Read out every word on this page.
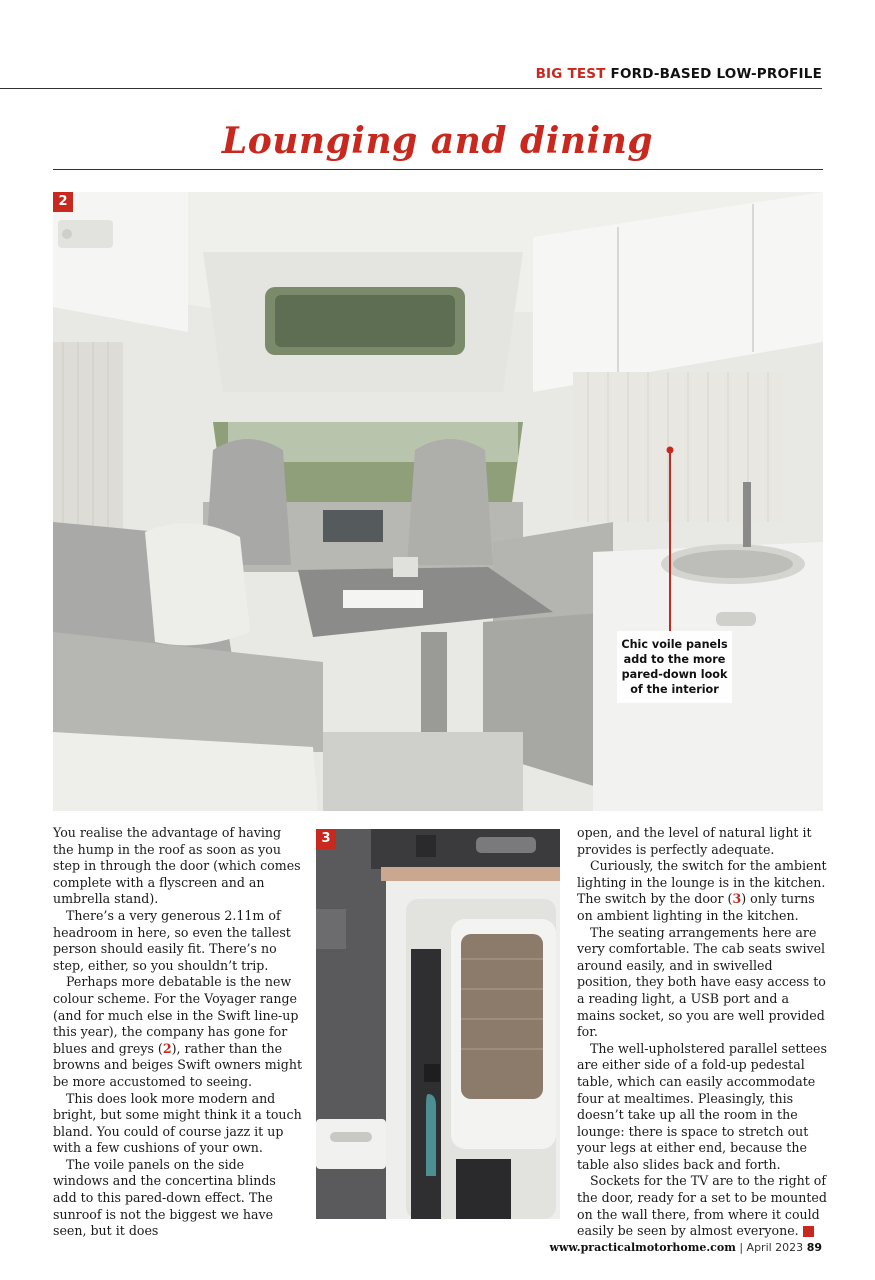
BIG TEST FORD-BASED LOW-PROFILE
Lounging and dining
2
Chic voile panels add to the more pared-down look of the interior
3

You realise the advantage of having the hump in the roof as soon as you step in through the door (which comes complete with a flyscreen and an umbrella stand).

There’s a very generous 2.11m of headroom in here, so even the tallest person should easily fit. There’s no step, either, so you shouldn’t trip.

Perhaps more debatable is the new colour scheme. For the Voyager range (and for much else in the Swift line-up this year), the company has gone for blues and greys (2), rather than the browns and beiges Swift owners might be more accustomed to seeing.

This does look more modern and bright, but some might think it a touch bland. You could of course jazz it up with a few cushions of your own.

The voile panels on the side windows and the concertina blinds add to this pared-down effect. The sunroof is not the biggest we have seen, but it does

open, and the level of natural light it provides is perfectly adequate.

Curiously, the switch for the ambient lighting in the lounge is in the kitchen. The switch by the door (3) only turns on ambient lighting in the kitchen.

The seating arrangements here are very comfortable. The cab seats swivel around easily, and in swivelled position, they both have easy access to a reading light, a USB port and a mains socket, so you are well provided for.

The well-upholstered parallel settees are either side of a fold-up pedestal table, which can easily accommodate four at mealtimes. Pleasingly, this doesn’t take up all the room in the lounge: there is space to stretch out your legs at either end, because the table also slides back and forth.

Sockets for the TV are to the right of the door, ready for a set to be mounted on the wall there, from where it could easily be seen by almost everyone. ➜

www.practicalmotorhome.com | April 2023 89
